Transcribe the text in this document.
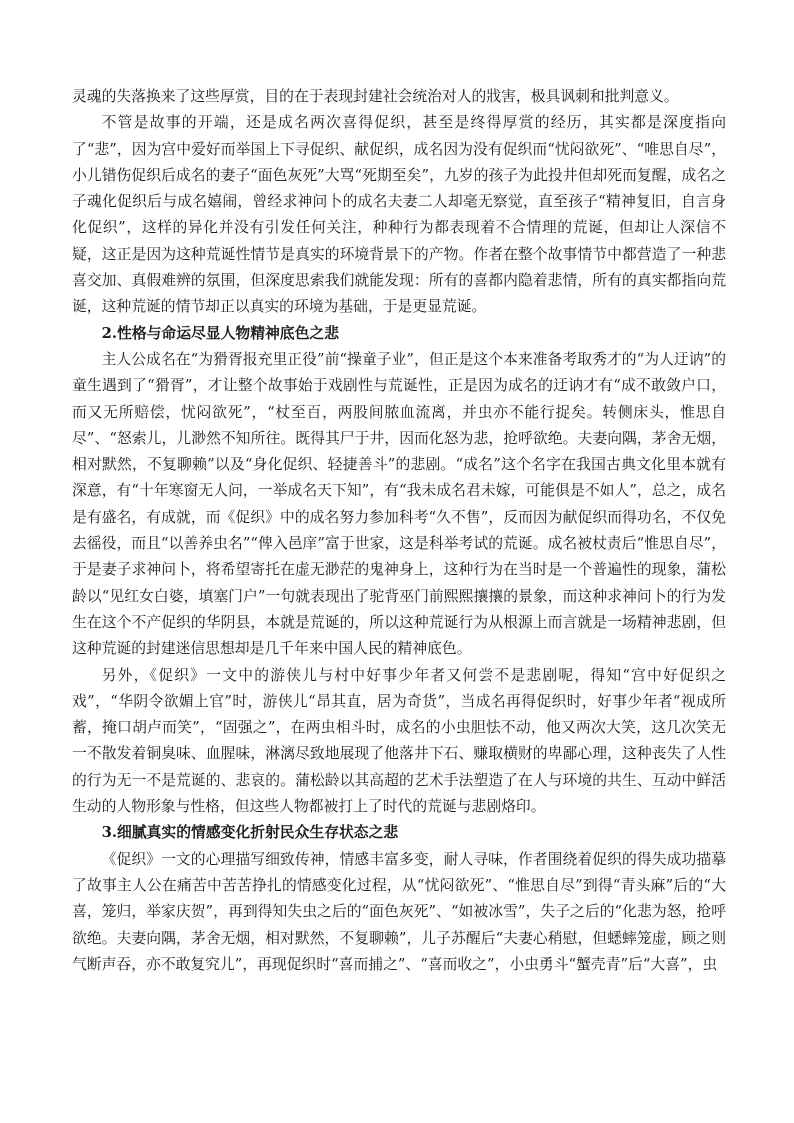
灵魂的失落换来了这些厚赏，目的在于表现封建社会统治对人的戕害，极具讽刺和批判意义。

不管是故事的开端，还是成名两次喜得促织，甚至是终得厚赏的经历，其实都是深度指向了“悲”，因为宫中爱好而举国上下寻促织、献促织，成名因为没有促织而“忧闷欲死”、“唯思自尽”，小儿错伤促织后成名的妻子“面色灰死”大骂“死期至矣”，九岁的孩子为此投井但却死而复醒，成名之子魂化促织后与成名嬉闹，曾经求神问卜的成名夫妻二人却毫无察觉，直至孩子“精神复旧，自言身化促织”，这样的异化并没有引发任何关注，种种行为都表现着不合情理的荒诞，但却让人深信不疑，这正是因为这种荒诞性情节是真实的环境背景下的产物。作者在整个故事情节中都营造了一种悲喜交加、真假难辨的氛围，但深度思索我们就能发现：所有的喜都内隐着悲情，所有的真实都指向荒诞，这种荒诞的情节却正以真实的环境为基础，于是更显荒诞。

2.性格与命运尽显人物精神底色之悲

主人公成名在“为猾胥报充里正役”前“操童子业”，但正是这个本来准备考取秀才的“为人迂讷”的童生遇到了“猾胥”，才让整个故事始于戏剧性与荒诞性，正是因为成名的迂讷才有“成不敢敛户口，而又无所赔偿，忧闷欲死”，“杖至百，两股间脓血流离，并虫亦不能行捉矣。转侧床头，惟思自尽”、“怒索儿，儿渺然不知所往。既得其尸于井，因而化怒为悲，抢呼欲绝。夫妻向隅，茅舍无烟，相对默然，不复聊赖”以及“身化促织、轻捷善斗”的悲剧。“成名”这个名字在我国古典文化里本就有深意，有“十年寒窗无人问，一举成名天下知”，有“我未成名君未嫁，可能俱是不如人”，总之，成名是有盛名，有成就，而《促织》中的成名努力参加科考“久不售”，反而因为献促织而得功名，不仅免去徭役，而且“以善养虫名”“俾入邑庠”富于世家，这是科举考试的荒诞。成名被杖责后“惟思自尽”，于是妻子求神问卜，将希望寄托在虚无渺茫的鬼神身上，这种行为在当时是一个普遍性的现象，蒲松龄以“见红女白婆，填塞门户”一句就表现出了驼背巫门前熙熙攘攘的景象，而这种求神问卜的行为发生在这个不产促织的华阴县，本就是荒诞的，所以这种荒诞行为从根源上而言就是一场精神悲剧，但这种荒诞的封建迷信思想却是几千年来中国人民的精神底色。

另外，《促织》一文中的游侠儿与村中好事少年者又何尝不是悲剧呢，得知“宫中好促织之戏”，“华阴令欲媚上官”时，游侠儿“昂其直，居为奇货”，当成名再得促织时，好事少年者“视成所蓄，掩口胡卢而笑”，“固强之”，在两虫相斗时，成名的小虫胆怯不动，他又两次大笑，这几次笑无一不散发着铜臭味、血腥味，淋漓尽致地展现了他落井下石、赚取横财的卑鄙心理，这种丧失了人性的行为无一不是荒诞的、悲哀的。蒲松龄以其高超的艺术手法塑造了在人与环境的共生、互动中鲜活生动的人物形象与性格，但这些人物都被打上了时代的荒诞与悲剧烙印。

3.细腻真实的情感变化折射民众生存状态之悲

《促织》一文的心理描写细致传神，情感丰富多变，耐人寻味，作者围绕着促织的得失成功描摹了故事主人公在痛苦中苦苦挣扎的情感变化过程，从“忧闷欲死”、“惟思自尽”到得“青头麻”后的“大喜，笼归，举家庆贺”，再到得知失虫之后的“面色灰死”、“如被冰雪”，失子之后的“化悲为怒，抢呼欲绝。夫妻向隅，茅舍无烟，相对默然，不复聊赖”，儿子苏醒后“夫妻心稍慰，但蟋蟀笼虚，顾之则气断声吞，亦不敢复究儿”，再现促织时“喜而捕之”、“喜而收之”，小虫勇斗“蟹壳青”后“大喜”，虫
